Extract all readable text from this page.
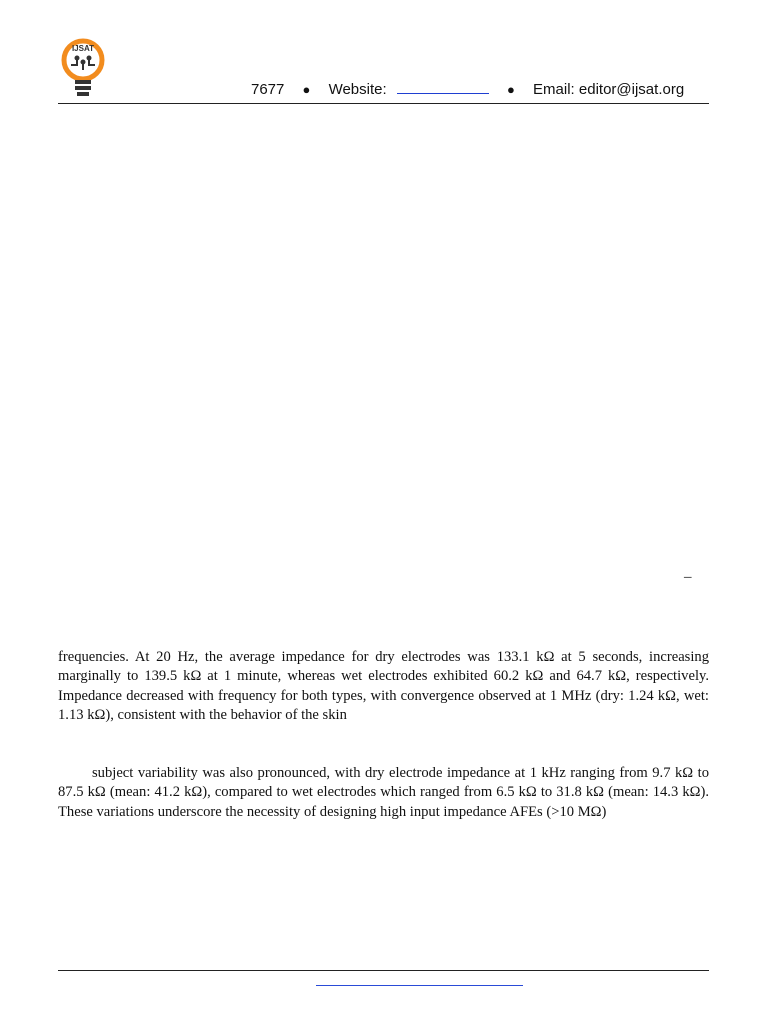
IJSAT
7677 ● Website:	● Email: editor@ijsat.org
–
frequencies. At 20 Hz, the average impedance for dry electrodes was 133.1 kΩ at 5 seconds, increasing marginally to 139.5 kΩ at 1 minute, whereas wet electrodes exhibited 60.2 kΩ and 64.7 kΩ, respectively. Impedance decreased with frequency for both types, with convergence observed at 1 MHz (dry: 1.24 kΩ, wet: 1.13 kΩ), consistent with the behavior of the skin
subject variability was also pronounced, with dry electrode impedance at 1 kHz ranging from 9.7 kΩ to 87.5 kΩ (mean: 41.2 kΩ), compared to wet electrodes which ranged from 6.5 kΩ to 31.8 kΩ (mean: 14.3 kΩ). These variations underscore the necessity of designing high input impedance AFEs (>10 MΩ)
